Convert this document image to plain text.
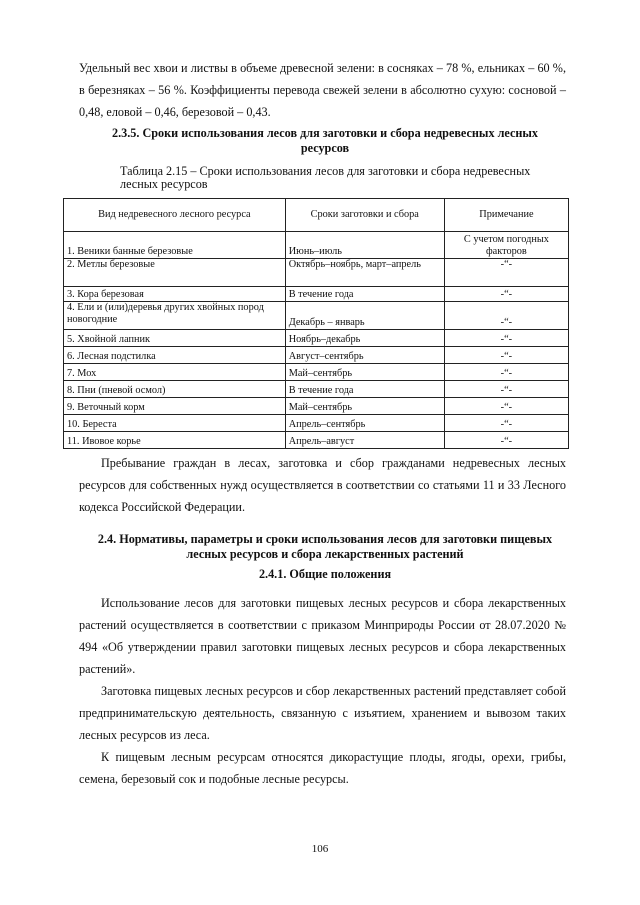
Удельный вес хвои и листвы в объеме древесной зелени: в сосняках – 78 %, ельниках – 60 %, в березняках – 56 %. Коэффициенты перевода свежей зелени в абсолютно сухую: сосновой – 0,48, еловой – 0,46, березовой – 0,43.

2.3.5. Сроки использования лесов для заготовки и сбора недревесных лесных ресурсов

Таблица 2.15 – Сроки использования лесов для заготовки и сбора недревесных лесных ресурсов

Вид недревесного лесного ресурса	Сроки заготовки и сбора	Примечание
1. Веники банные березовые	Июнь–июль	С учетом погодных факторов
2. Метлы березовые	Октябрь–ноябрь, март–апрель	-“-
3. Кора березовая	В течение года	-“-
4. Ели и (или)деревья других хвойных пород новогодние	Декабрь – январь	-“-
5. Хвойной лапник	Ноябрь–декабрь	-“-
6. Лесная подстилка	Август–сентябрь	-“-
7. Мох	Май–сентябрь	-“-
8. Пни (пневой осмол)	В течение года	-“-
9. Веточный корм	Май–сентябрь	-“-
10. Береста	Апрель–сентябрь	-“-
11. Ивовое корье	Апрель–август	-“-

Пребывание граждан в лесах, заготовка и сбор гражданами недревесных лесных ресурсов для собственных нужд осуществляется в соответствии со статьями 11 и 33 Лесного кодекса Российской Федерации.

2.4. Нормативы, параметры и сроки использования лесов для заготовки пищевых лесных ресурсов и сбора лекарственных растений

2.4.1. Общие положения

Использование лесов для заготовки пищевых лесных ресурсов и сбора лекарственных растений осуществляется в соответствии с приказом Минприроды России от 28.07.2020 № 494 «Об утверждении правил заготовки пищевых лесных ресурсов и сбора лекарственных растений».

Заготовка пищевых лесных ресурсов и сбор лекарственных растений представляет собой предпринимательскую деятельность, связанную с изъятием, хранением и вывозом таких лесных ресурсов из леса.

К пищевым лесным ресурсам относятся дикорастущие плоды, ягоды, орехи, грибы, семена, березовый сок и подобные лесные ресурсы.

106
